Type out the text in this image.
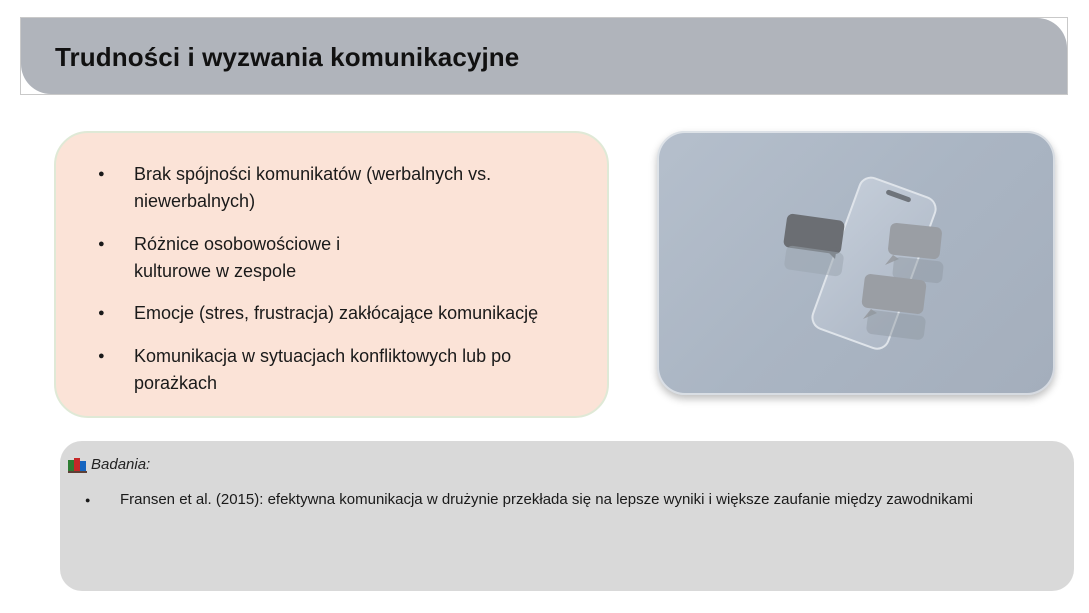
Trudności i wyzwania komunikacyjne
● Brak spójności komunikatów (werbalnych vs. niewerbalnych)
● Różnice osobowościowe i kulturowe w zespole
● Emocje (stres, frustracja) zakłócające komunikację
● Komunikacja w sytuacjach konfliktowych lub po porażkach
Badania:
● Fransen et al. (2015): efektywna komunikacja w drużynie przekłada się na lepsze wyniki i większe zaufanie między zawodnikami
